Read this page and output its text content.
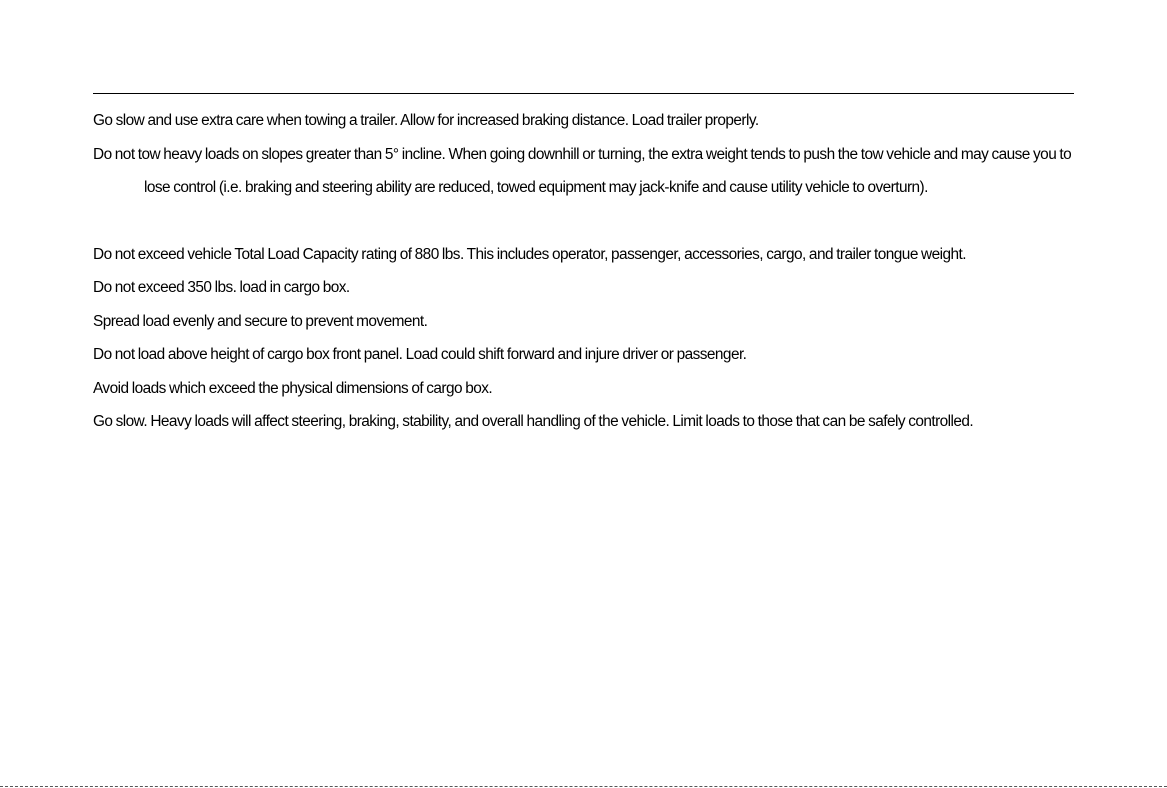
Go slow and use extra care when towing a trailer. Allow for increased braking distance. Load trailer properly.

Do not tow heavy loads on slopes greater than 5° incline. When going downhill or turning, the extra weight tends to push the tow vehicle and may cause you to lose control (i.e. braking and steering ability are reduced, towed equipment may jack-knife and cause utility vehicle to overturn).

Do not exceed vehicle Total Load Capacity rating of 880 lbs. This includes operator, passenger, accessories, cargo, and trailer tongue weight.

Do not exceed 350 lbs. load in cargo box.

Spread load evenly and secure to prevent movement.

Do not load above height of cargo box front panel. Load could shift forward and injure driver or passenger.

Avoid loads which exceed the physical dimensions of cargo box.

Go slow. Heavy loads will affect steering, braking, stability, and overall handling of the vehicle. Limit loads to those that can be safely controlled.
